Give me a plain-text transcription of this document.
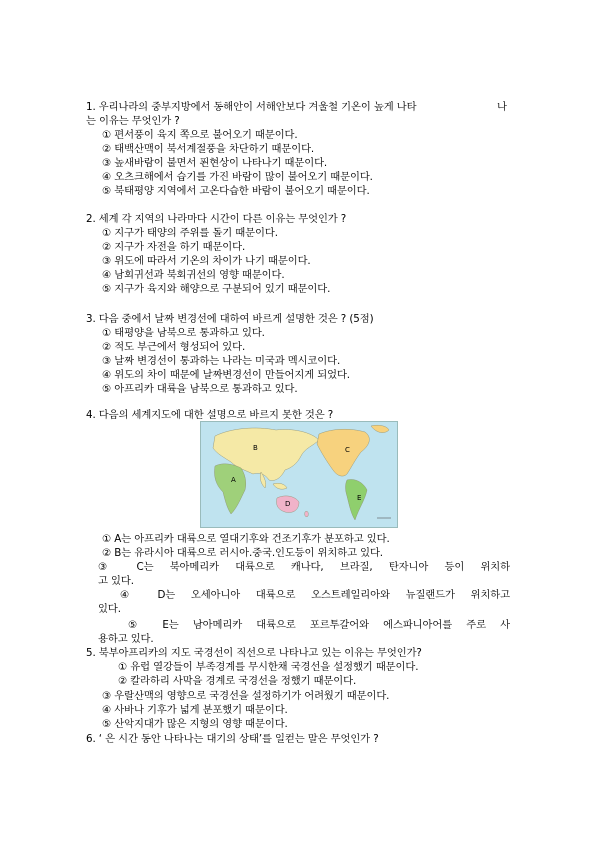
1. 우리나라의 중부지방에서 동해안이 서해안보다 겨울철 기온이 높게 나타	나
는 이유는 무엇인가 ?
① 편서풍이 육지 쪽으로 불어오기 때문이다.
② 태백산맥이 북서계절풍을 차단하기 때문이다.
③ 높새바람이 불면서 푄현상이 나타나기 때문이다.
④ 오츠크해에서 습기를 가진 바람이 많이 불어오기 때문이다.
⑤ 북태평양 지역에서 고온다습한 바람이 불어오기 때문이다.
2. 세계 각 지역의 나라마다 시간이 다른 이유는 무엇인가 ?
① 지구가 태양의 주위를 돌기 때문이다.
② 지구가 자전을 하기 때문이다.
③ 위도에 따라서 기온의 차이가 나기 때문이다.
④ 남회귀선과 북회귀선의 영향 때문이다.
⑤ 지구가 육지와 해양으로 구분되어 있기 때문이다.
3. 다음 중에서 날짜 변경선에 대하여 바르게 설명한 것은 ? (5점)
① 태평양을 남북으로 통과하고 있다.
② 적도 부근에서 형성되어 있다.
③ 날짜 변경선이 통과하는 나라는 미국과 멕시코이다.
④ 위도의 차이 때문에 날짜변경선이 만들어지게 되었다.
⑤ 아프리카 대륙을 남북으로 통과하고 있다.
4. 다음의 세계지도에 대한 설명으로 바르지 못한 것은 ?
A
B	C
D
E
① A는 아프리카 대륙으로 열대기후와 건조기후가 분포하고 있다.
② B는 유라시아 대륙으로 러시아.중국.인도등이 위치하고 있다.
③ C는 북아메리카 대륙으로 캐나다, 브라질, 탄자니아 등이 위치하
고 있다.
④ D는 오세아니아 대륙으로 오스트레일리아와 뉴질랜드가 위치하고
있다.
⑤ E는 남아메리카 대륙으로 포르투갈어와 에스파니아어를 주로 사
용하고 있다.
5. 북부아프리카의 지도 국경선이 직선으로 나타나고 있는 이유는 무엇인가?
① 유럽 열강들이 부족경계를 무시한채 국경선을 설정했기 때문이다.
② 칼라하리 사막을 경계로 국경선을 정했기 때문이다.
③ 우랄산맥의 영향으로 국경선을 설정하기가 어려웠기 때문이다.
④ 사바나 기후가 넓게 분포했기 때문이다.
⑤ 산악지대가 많은 지형의 영향 때문이다.
6. ‘ 은 시간 동안 나타나는 대기의 상태’를 일컫는 말은 무엇인가 ?
